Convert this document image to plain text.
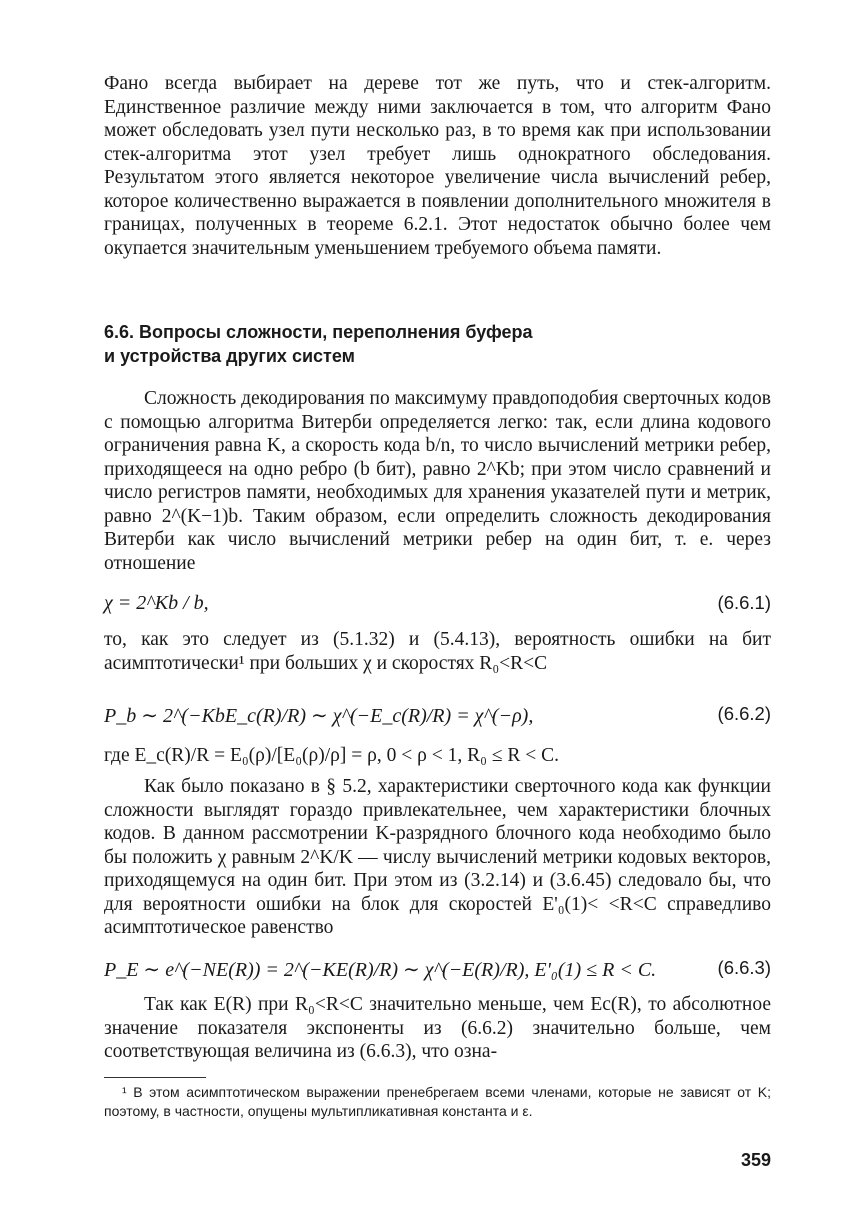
Фано всегда выбирает на дереве тот же путь, что и стек-алгоритм. Единственное различие между ними заключается в том, что алгоритм Фано может обследовать узел пути несколько раз, в то время как при использовании стек-алгоритма этот узел требует лишь однократного обследования. Результатом этого является некоторое увеличение числа вычислений ребер, которое количественно выражается в появлении дополнительного множителя в границах, полученных в теореме 6.2.1. Этот недостаток обычно более чем окупается значительным уменьшением требуемого объема памяти.
6.6. Вопросы сложности, переполнения буфера
и устройства других систем
Сложность декодирования по максимуму правдоподобия сверточных кодов с помощью алгоритма Витерби определяется легко: так, если длина кодового ограничения равна K, а скорость кода b/n, то число вычислений метрики ребер, приходящееся на одно ребро (b бит), равно 2^Kb; при этом число сравнений и число регистров памяти, необходимых для хранения указателей пути и метрик, равно 2^(K−1)b. Таким образом, если определить сложность декодирования Витерби как число вычислений метрики ребер на один бит, т. е. через отношение
χ = 2^Kb / b,	(6.6.1)
то, как это следует из (5.1.32) и (5.4.13), вероятность ошибки на бит асимптотически¹ при больших χ и скоростях R₀<R<C
P_b ∼ 2^(−KbE_c(R)/R) ∼ χ^(−E_c(R)/R) = χ^(−ρ),	(6.6.2)
где E_c(R)/R = E₀(ρ)/[E₀(ρ)/ρ] = ρ, 0 < ρ < 1, R₀ ≤ R < C.
Как было показано в § 5.2, характеристики сверточного кода как функции сложности выглядят гораздо привлекательнее, чем характеристики блочных кодов. В данном рассмотрении K-разрядного блочного кода необходимо было бы положить χ равным 2^K/K — числу вычислений метрики кодовых векторов, приходящемуся на один бит. При этом из (3.2.14) и (3.6.45) следовало бы, что для вероятности ошибки на блок для скоростей E'₀(1)< <R<C справедливо асимптотическое равенство
P_E ∼ e^(−NE(R)) = 2^(−KE(R)/R) ∼ χ^(−E(R)/R), E'₀(1) ≤ R < C.	(6.6.3)
Так как E(R) при R₀<R<C значительно меньше, чем Ec(R), то абсолютное значение показателя экспоненты из (6.6.2) значительно больше, чем соответствующая величина из (6.6.3), что озна-
¹ В этом асимптотическом выражении пренебрегаем всеми членами, которые не зависят от K; поэтому, в частности, опущены мультипликативная константа и ε.
359
